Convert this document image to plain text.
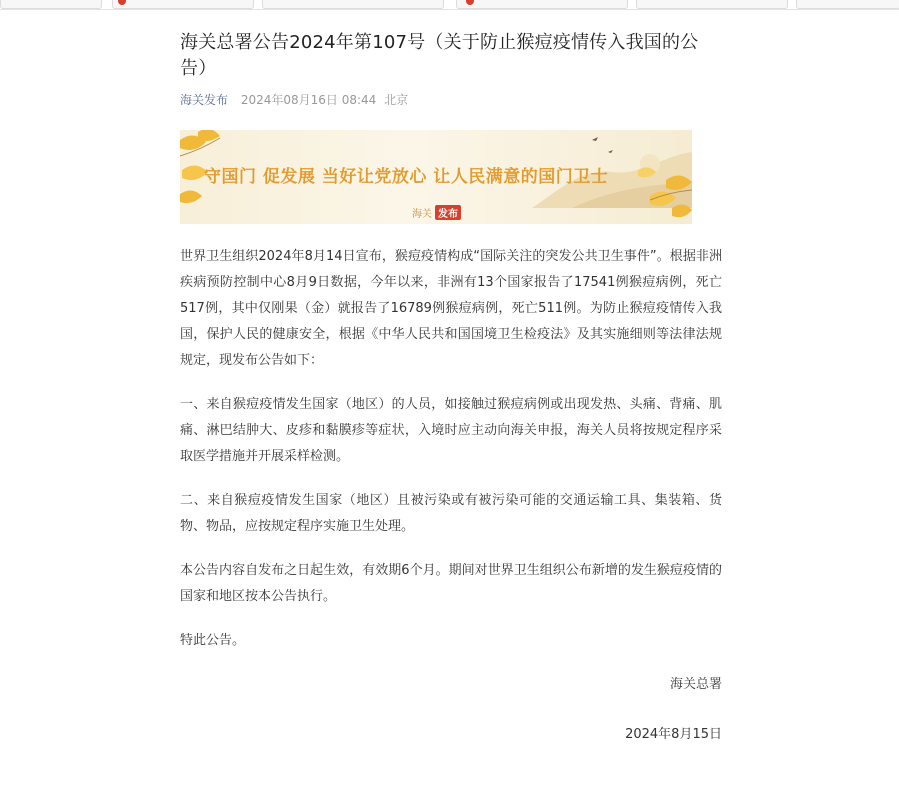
海关总署公告2024年第107号（关于防止猴痘疫情传入我国的公告）
海关发布 2024年08月16日 08:44 北京
守国门 促发展 当好让党放心 让人民满意的国门卫士
海关 发布

世界卫生组织2024年8月14日宣布，猴痘疫情构成“国际关注的突发公共卫生事件”。根据非洲疾病预防控制中心8月9日数据，今年以来，非洲有13个国家报告了17541例猴痘病例，死亡517例，其中仅刚果（金）就报告了16789例猴痘病例，死亡511例。为防止猴痘疫情传入我国，保护人民的健康安全，根据《中华人民共和国国境卫生检疫法》及其实施细则等法律法规规定，现发布公告如下：

一、来自猴痘疫情发生国家（地区）的人员，如接触过猴痘病例或出现发热、头痛、背痛、肌痛、淋巴结肿大、皮疹和黏膜疹等症状，入境时应主动向海关申报，海关人员将按规定程序采取医学措施并开展采样检测。

二、来自猴痘疫情发生国家（地区）且被污染或有被污染可能的交通运输工具、集装箱、货物、物品，应按规定程序实施卫生处理。

本公告内容自发布之日起生效，有效期6个月。期间对世界卫生组织公布新增的发生猴痘疫情的国家和地区按本公告执行。

特此公告。

海关总署
2024年8月15日
